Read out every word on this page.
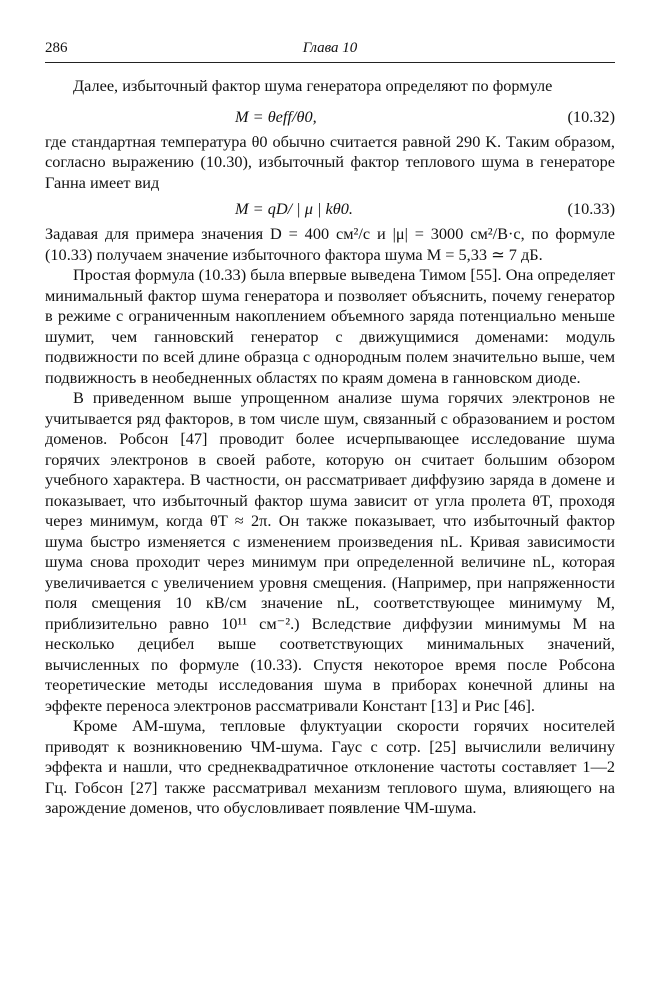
286	Глава 10

Далее, избыточный фактор шума генератора определяют по формуле

M = θeff/θ0,	(10.32)

где стандартная температура θ0 обычно считается равной 290 K. Таким образом, согласно выражению (10.30), избыточный фактор теплового шума в генераторе Ганна имеет вид

M = qD/ | μ | kθ0.	(10.33)

Задавая для примера значения D = 400 см²/с и |μ| = 3000 см²/В·с, по формуле (10.33) получаем значение избыточного фактора шума M = 5,33 ≃ 7 дБ.

Простая формула (10.33) была впервые выведена Тимом [55]. Она определяет минимальный фактор шума генератора и позволяет объяснить, почему генератор в режиме с ограниченным накоплением объемного заряда потенциально меньше шумит, чем ганновский генератор с движущимися доменами: модуль подвижности по всей длине образца с однородным полем значительно выше, чем подвижность в необедненных областях по краям домена в ганновском диоде.

В приведенном выше упрощенном анализе шума горячих электронов не учитывается ряд факторов, в том числе шум, связанный с образованием и ростом доменов. Робсон [47] проводит более исчерпывающее исследование шума горячих электронов в своей работе, которую он считает большим обзором учебного характера. В частности, он рассматривает диффузию заряда в домене и показывает, что избыточный фактор шума зависит от угла пролета θT, проходя через минимум, когда θT ≈ 2π. Он также показывает, что избыточный фактор шума быстро изменяется с изменением произведения nL. Кривая зависимости шума снова проходит через минимум при определенной величине nL, которая увеличивается с увеличением уровня смещения. (Например, при напряженности поля смещения 10 кВ/см значение nL, соответствующее минимуму M, приблизительно равно 10¹¹ см⁻².) Вследствие диффузии минимумы M на несколько децибел выше соответствующих минимальных значений, вычисленных по формуле (10.33). Спустя некоторое время после Робсона теоретические методы исследования шума в приборах конечной длины на эффекте переноса электронов рассматривали Констант [13] и Рис [46].

Кроме АМ-шума, тепловые флуктуации скорости горячих носителей приводят к возникновению ЧМ-шума. Гаус с сотр. [25] вычислили величину эффекта и нашли, что среднеквадратичное отклонение частоты составляет 1—2 Гц. Гобсон [27] также рассматривал механизм теплового шума, влияющего на зарождение доменов, что обусловливает появление ЧМ-шума.
